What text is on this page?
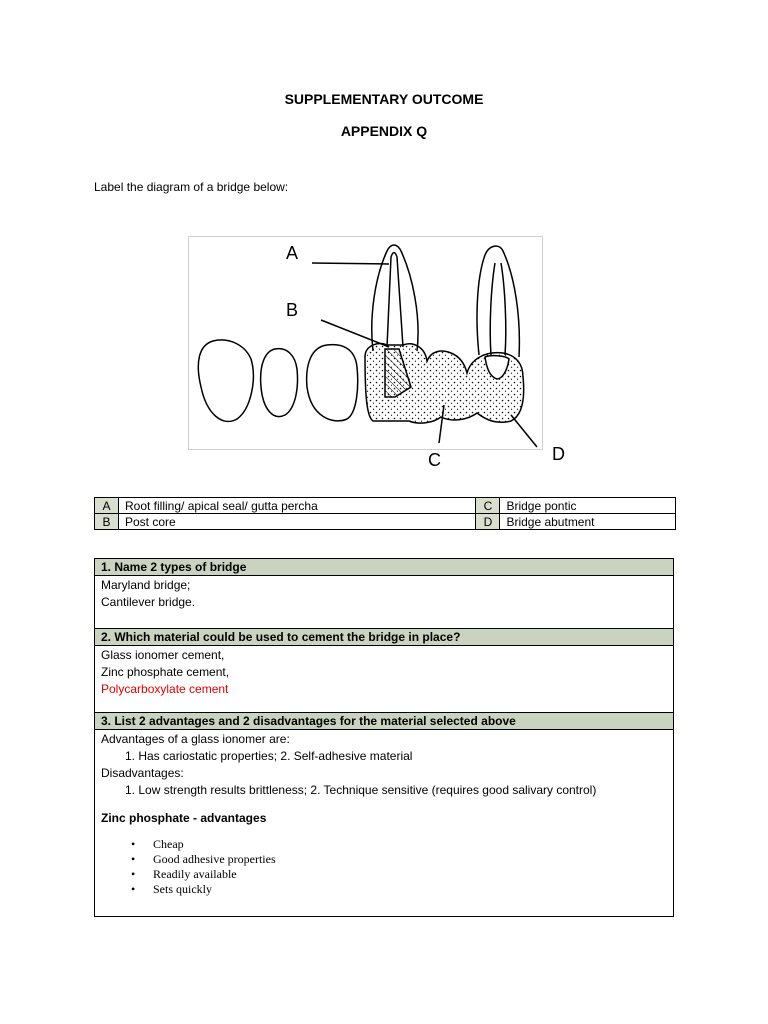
SUPPLEMENTARY OUTCOME
APPENDIX Q
Label the diagram of a bridge below:
A
B
C	D
A	Root filling/ apical seal/ gutta percha	C	Bridge pontic
B	Post core	D	Bridge abutment
1. Name 2 types of bridge
Maryland bridge;
Cantilever bridge.
2. Which material could be used to cement the bridge in place?
Glass ionomer cement,
Zinc phosphate cement,
Polycarboxylate cement
3. List 2 advantages and 2 disadvantages for the material selected above
Advantages of a glass ionomer are:
1. Has cariostatic properties; 2. Self-adhesive material
Disadvantages:
1. Low strength results brittleness; 2. Technique sensitive (requires good salivary control)
Zinc phosphate - advantages
• Cheap
• Good adhesive properties
• Readily available
• Sets quickly
